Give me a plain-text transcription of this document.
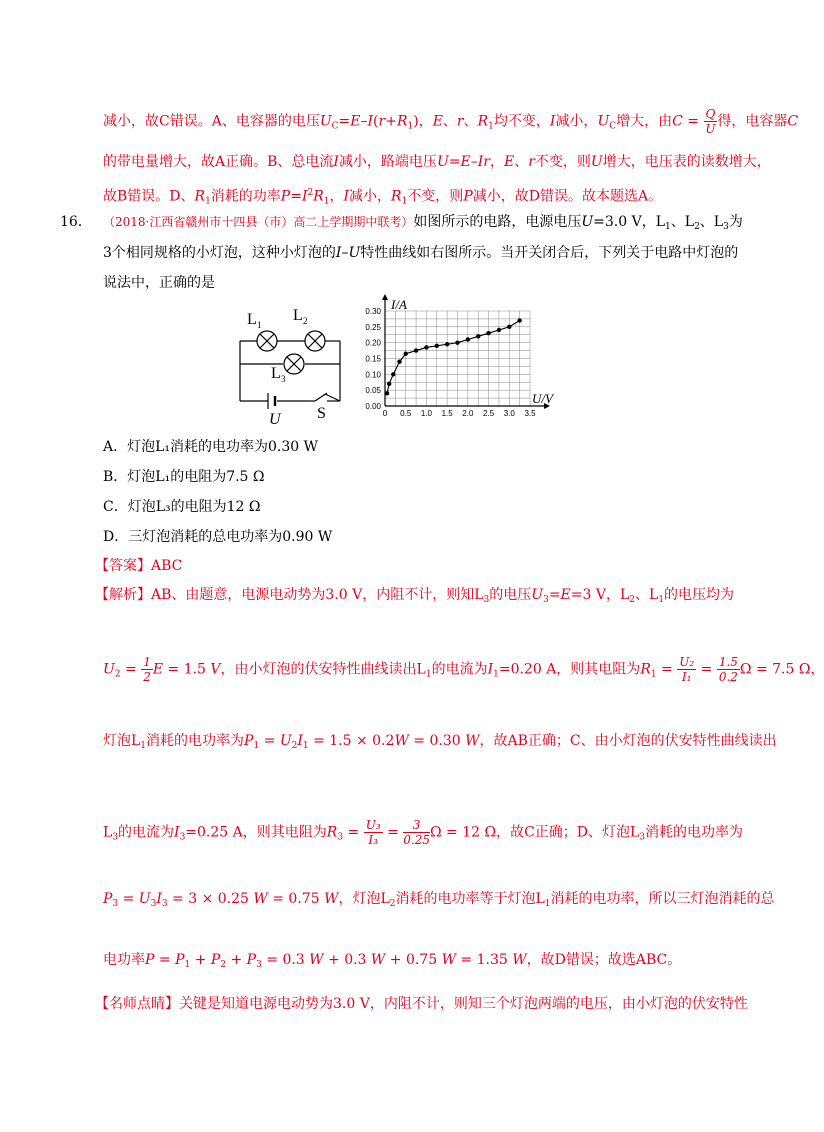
减小，故C错误。A、电容器的电压$U_C=E-I(r+R_1)$，E、r、$R_1$均不变，I减小，$U_C$增大，由$C = \frac{Q}{U}$ 得，电容器C
的带电量增大，故A正确。B、总电流I减小，路端电压U=E–Ir，E、r不变，则U增大，电压表的读数增大，
故B错误。D、$R_1$消耗的功率$P=I^2R_1$，I减小，$R_1$不变，则P减小，故D错误。故本题选A。
16． （2018·江西省赣州市十四县（市）高二上学期期中联考）如图所示的电路，电源电压U=3.0 V，$L_1$、$L_2$、$L_3$为
3个相同规格的小灯泡，这种小灯泡的I–U特性曲线如右图所示。当开关闭合后，下列关于电路中灯泡的
说法中，正确的是
L 1
L 2
L 3
U S	0.00
0.05
0.10
0.15
0.20
0.25
0.30
0 0.5 1.0 1.5 2.0 2.5 3.0 3.5
I/A
U/V
A．灯泡L₁消耗的电功率为0.30 W
B．灯泡L₁的电阻为7.5 Ω
C．灯泡L₃的电阻为12 Ω
D．三灯泡消耗的总电功率为0.90 W
【答案】ABC
【解析】AB、由题意，电源电动势为3.0 V，内阻不计，则知$L_3$的电压$U_3=E=3$ V，$L_2$、$L_1$的电压均为
$U_2 = \frac{1}{2}$ E = 1.5 V，由小灯泡的伏安特性曲线读出$L_1$的电流为$I_1=0.20$ A，则其电阻为$R_1 = \frac{\text{U₂}}{\text{I₁}} = \frac{1.5}{0.2}$ Ω = 7.5 Ω，
灯泡$L_1$消耗的电功率为$P_1 = U_2I_1 = 1.5 \times 0.2W = 0.30$ W，故AB正确；C、由小灯泡的伏安特性曲线读出
$L_3$的电流为$I_3=0.25$ A，则其电阻为$R_3 = \frac{\text{U₃}}{\text{I₃}} = \frac{3}{0.25}$ Ω = 12 Ω，故C正确；D、灯泡$L_3$消耗的电功率为
$P_3 = U_3I_3 = 3 \times 0.25$ W = 0.75 W，灯泡$L_2$消耗的电功率等于灯泡$L_1$消耗的电功率，所以三灯泡消耗的总
电功率$P = P_1 + P_2 + P_3 = 0.3$ W + 0.3 W + 0.75 W = 1.35 W，故D错误；故选ABC。
【名师点睛】关键是知道电源电动势为3.0 V，内阻不计，则知三个灯泡两端的电压，由小灯泡的伏安特性
